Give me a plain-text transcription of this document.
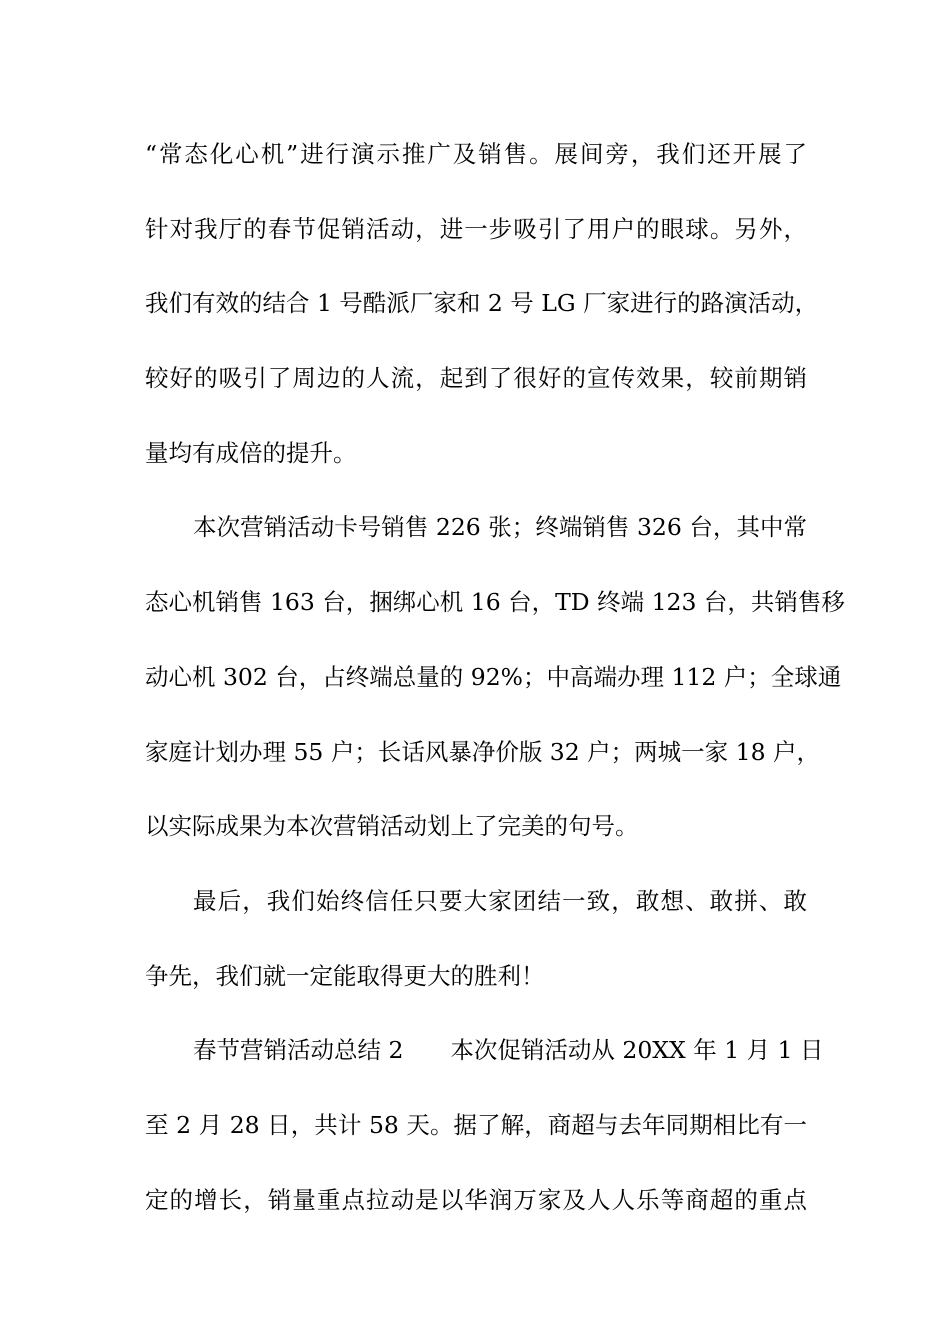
“常态化心机”进行演示推广及销售。展间旁，我们还开展了
针对我厅的春节促销活动，进一步吸引了用户的眼球。另外，
我们有效的结合 1 号酷派厂家和 2 号 LG 厂家进行的路演活动，
较好的吸引了周边的人流，起到了很好的宣传效果，较前期销
量均有成倍的提升。
本次营销活动卡号销售 226 张；终端销售 326 台，其中常
态心机销售 163 台，捆绑心机 16 台，TD 终端 123 台，共销售移
动心机 302 台，占终端总量的 92%；中高端办理 112 户；全球通
家庭计划办理 55 户；长话风暴净价版 32 户；两城一家 18 户，
以实际成果为本次营销活动划上了完美的句号。
最后，我们始终信任只要大家团结一致，敢想、敢拼、敢
争先，我们就一定能取得更大的胜利！
春节营销活动总结 2　　本次促销活动从 20XX 年 1 月 1 日
至 2 月 28 日，共计 58 天。据了解，商超与去年同期相比有一
定的增长，销量重点拉动是以华润万家及人人乐等商超的重点
